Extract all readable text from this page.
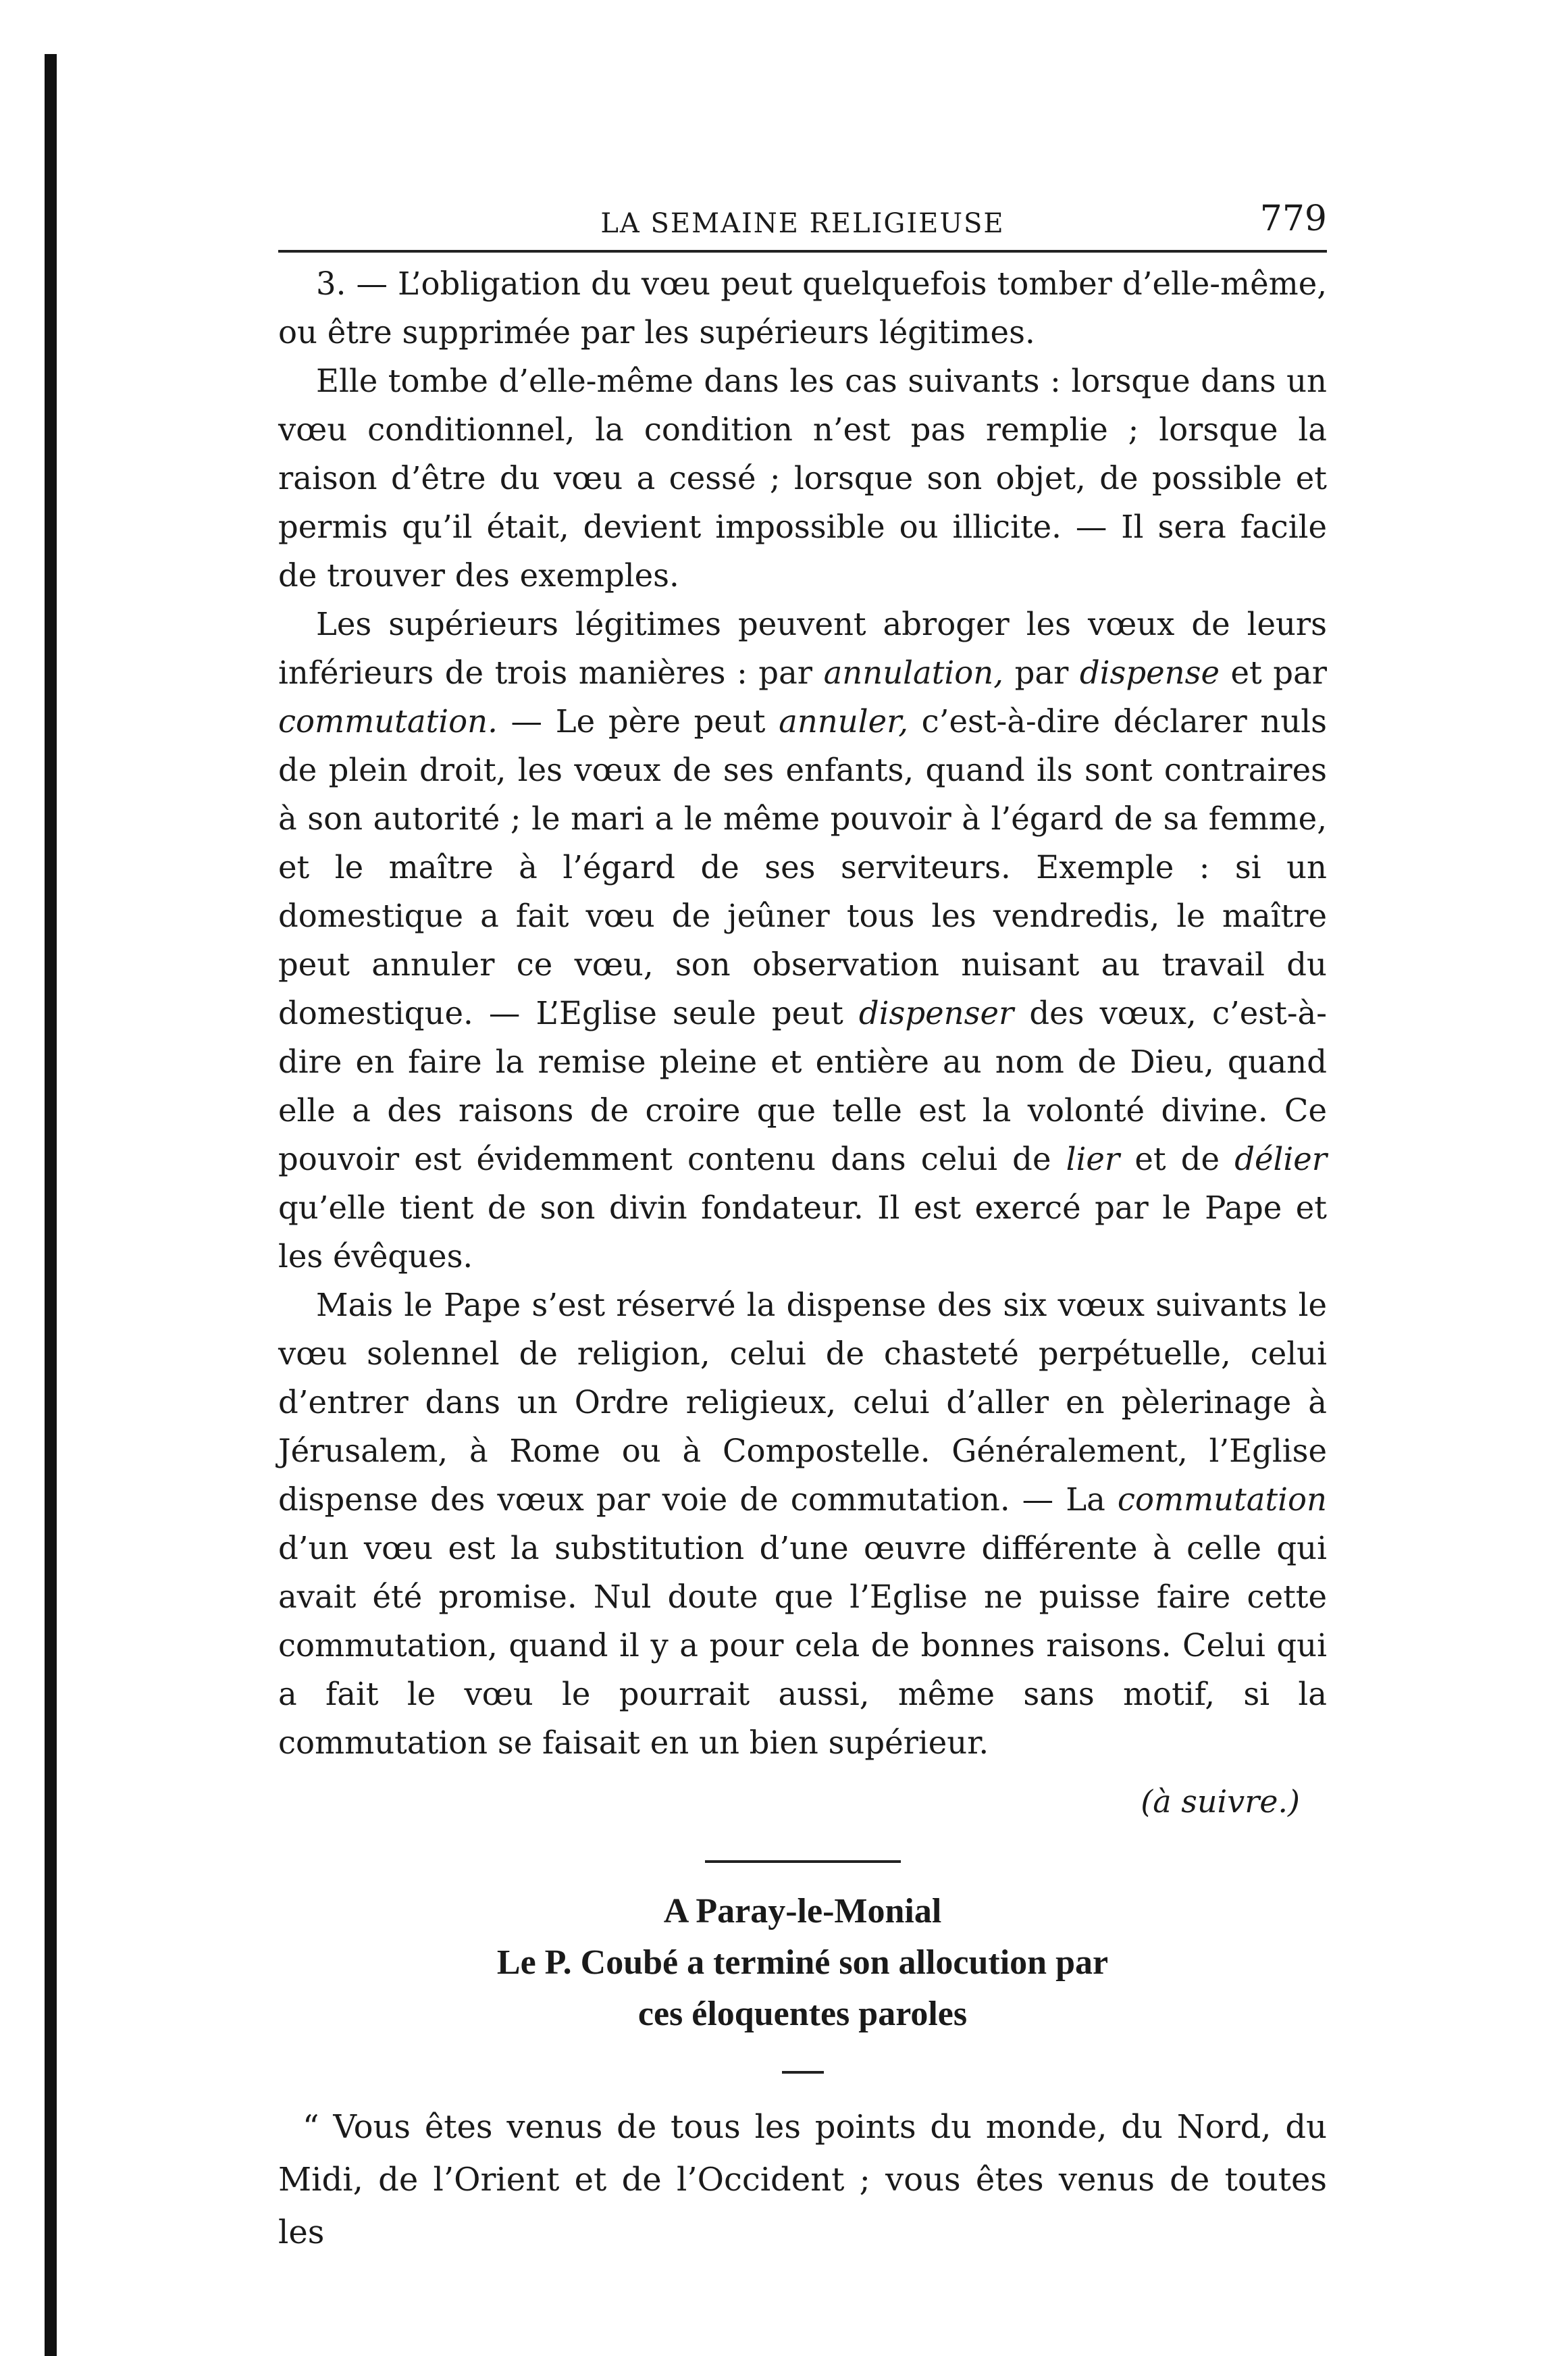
LA SEMAINE RELIGIEUSE	779

3. — L’obligation du vœu peut quelquefois tomber d’elle-même, ou être supprimée par les supérieurs légitimes.

Elle tombe d’elle-même dans les cas suivants : lorsque dans un vœu conditionnel, la condition n’est pas remplie ; lorsque la raison d’être du vœu a cessé ; lorsque son objet, de possible et permis qu’il était, devient impossible ou illicite. — Il sera facile de trouver des exemples.

Les supérieurs légitimes peuvent abroger les vœux de leurs inférieurs de trois manières : par annulation, par dispense et par commutation. — Le père peut annuler, c’est-à-dire déclarer nuls de plein droit, les vœux de ses enfants, quand ils sont contraires à son autorité ; le mari a le même pouvoir à l’égard de sa femme, et le maître à l’égard de ses serviteurs. Exemple : si un domestique a fait vœu de jeûner tous les vendredis, le maître peut annuler ce vœu, son observation nuisant au travail du domestique. — L’Eglise seule peut dispenser des vœux, c’est-à-dire en faire la remise pleine et entière au nom de Dieu, quand elle a des raisons de croire que telle est la volonté divine. Ce pouvoir est évidemment contenu dans celui de lier et de délier qu’elle tient de son divin fondateur. Il est exercé par le Pape et les évêques.

Mais le Pape s’est réservé la dispense des six vœux suivants le vœu solennel de religion, celui de chasteté perpétuelle, celui d’entrer dans un Ordre religieux, celui d’aller en pèlerinage à Jérusalem, à Rome ou à Compostelle. Généralement, l’Eglise dispense des vœux par voie de commutation. — La commutation d’un vœu est la substitution d’une œuvre différente à celle qui avait été promise. Nul doute que l’Eglise ne puisse faire cette commutation, quand il y a pour cela de bonnes raisons. Celui qui a fait le vœu le pourrait aussi, même sans motif, si la commutation se faisait en un bien supérieur.

(à suivre.)
A Paray-le-Monial
Le P. Coubé a terminé son allocution par
ces éloquentes paroles

“ Vous êtes venus de tous les points du monde, du Nord, du Midi, de l’Orient et de l’Occident ; vous êtes venus de toutes les
